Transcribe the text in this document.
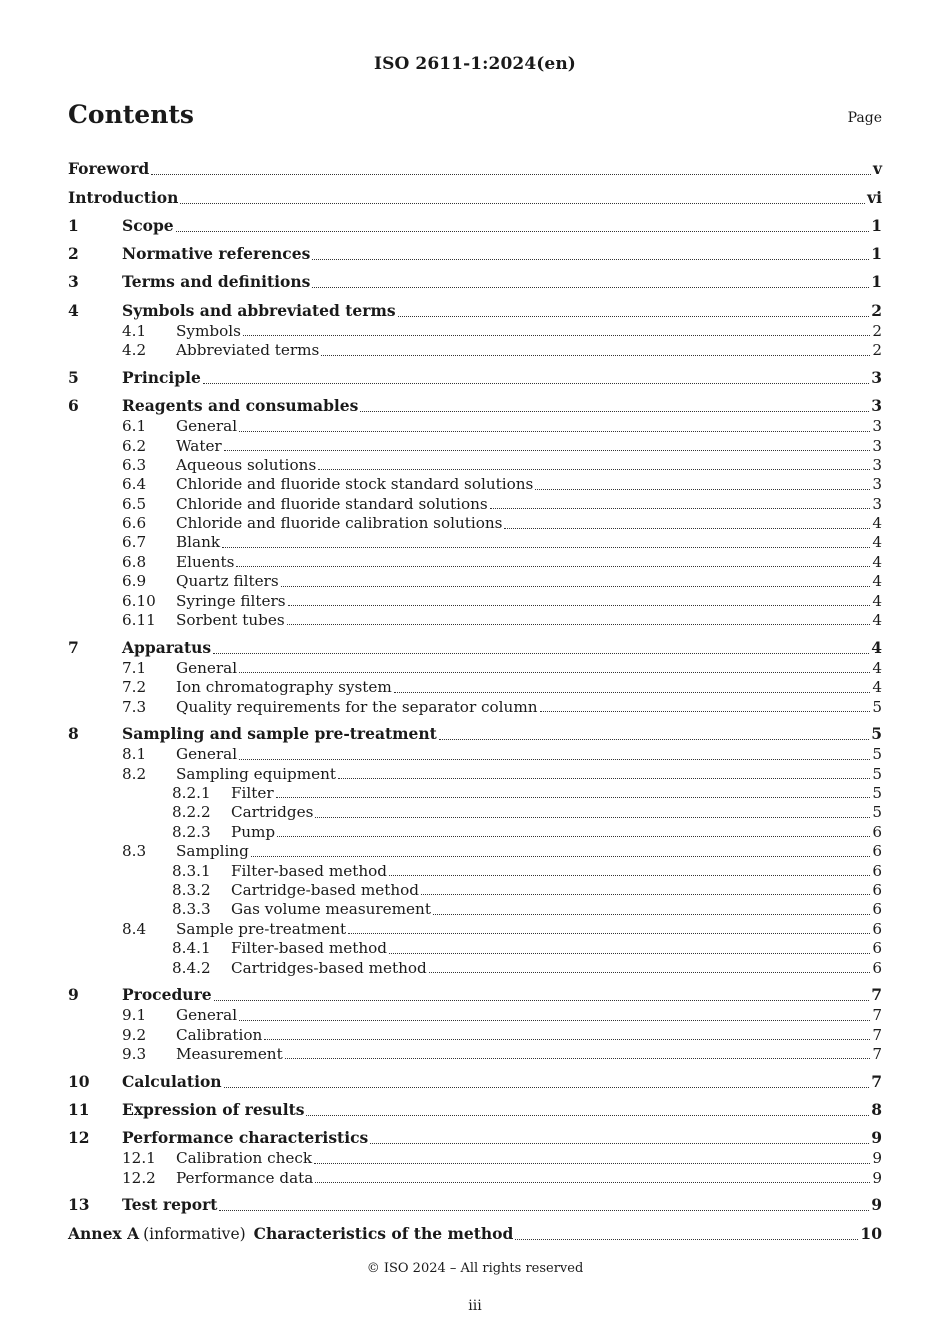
ISO 2611-1:2024(en)
Contents	Page
Foreword	v
Introduction	vi
1	Scope	1
2	Normative references	1
3	Terms and definitions	1
4	Symbols and abbreviated terms	2
4.1	Symbols	2
4.2	Abbreviated terms	2
5	Principle	3
6	Reagents and consumables	3
6.1	General	3
6.2	Water	3
6.3	Aqueous solutions	3
6.4	Chloride and fluoride stock standard solutions	3
6.5	Chloride and fluoride standard solutions	3
6.6	Chloride and fluoride calibration solutions	4
6.7	Blank	4
6.8	Eluents	4
6.9	Quartz filters	4
6.10	Syringe filters	4
6.11	Sorbent tubes	4
7	Apparatus	4
7.1	General	4
7.2	Ion chromatography system	4
7.3	Quality requirements for the separator column	5
8	Sampling and sample pre-treatment	5
8.1	General	5
8.2	Sampling equipment	5
8.2.1	Filter	5
8.2.2	Cartridges	5
8.2.3	Pump	6
8.3	Sampling	6
8.3.1	Filter-based method	6
8.3.2	Cartridge-based method	6
8.3.3	Gas volume measurement	6
8.4	Sample pre-treatment	6
8.4.1	Filter-based method	6
8.4.2	Cartridges-based method	6
9	Procedure	7
9.1	General	7
9.2	Calibration	7
9.3	Measurement	7
10	Calculation	7
11	Expression of results	8
12	Performance characteristics	9
12.1	Calibration check	9
12.2	Performance data	9
13	Test report	9
Annex A (informative) Characteristics of the method	10
© ISO 2024 – All rights reserved
iii
